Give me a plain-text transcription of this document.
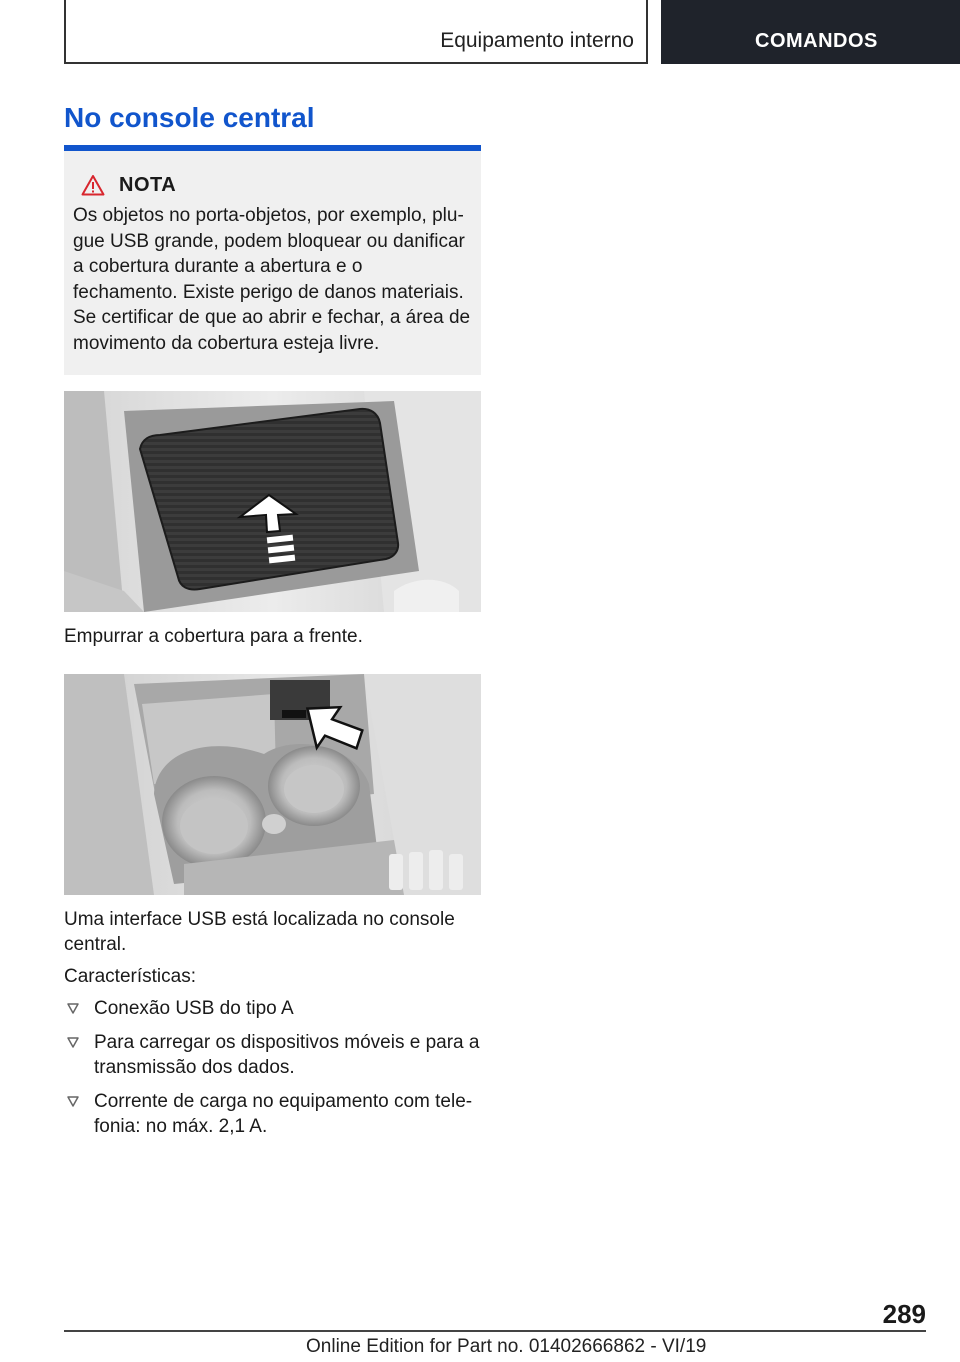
Equipamento interno	COMANDOS
No console central
NOTA

Os objetos no porta-objetos, por exemplo, plu-gue USB grande, podem bloquear ou danificar a cobertura durante a abertura e o fechamento. Existe perigo de danos materiais. Se certificar de que ao abrir e fechar, a área de movimento da cobertura esteja livre.

Empurrar a cobertura para a frente.

Uma interface USB está localizada no console central.

Características:

Conexão USB do tipo A
Para carregar os dispositivos móveis e para a transmissão dos dados.
Corrente de carga no equipamento com tele-fonia: no máx. 2,1 A.
289
Online Edition for Part no. 01402666862 - VI/19
